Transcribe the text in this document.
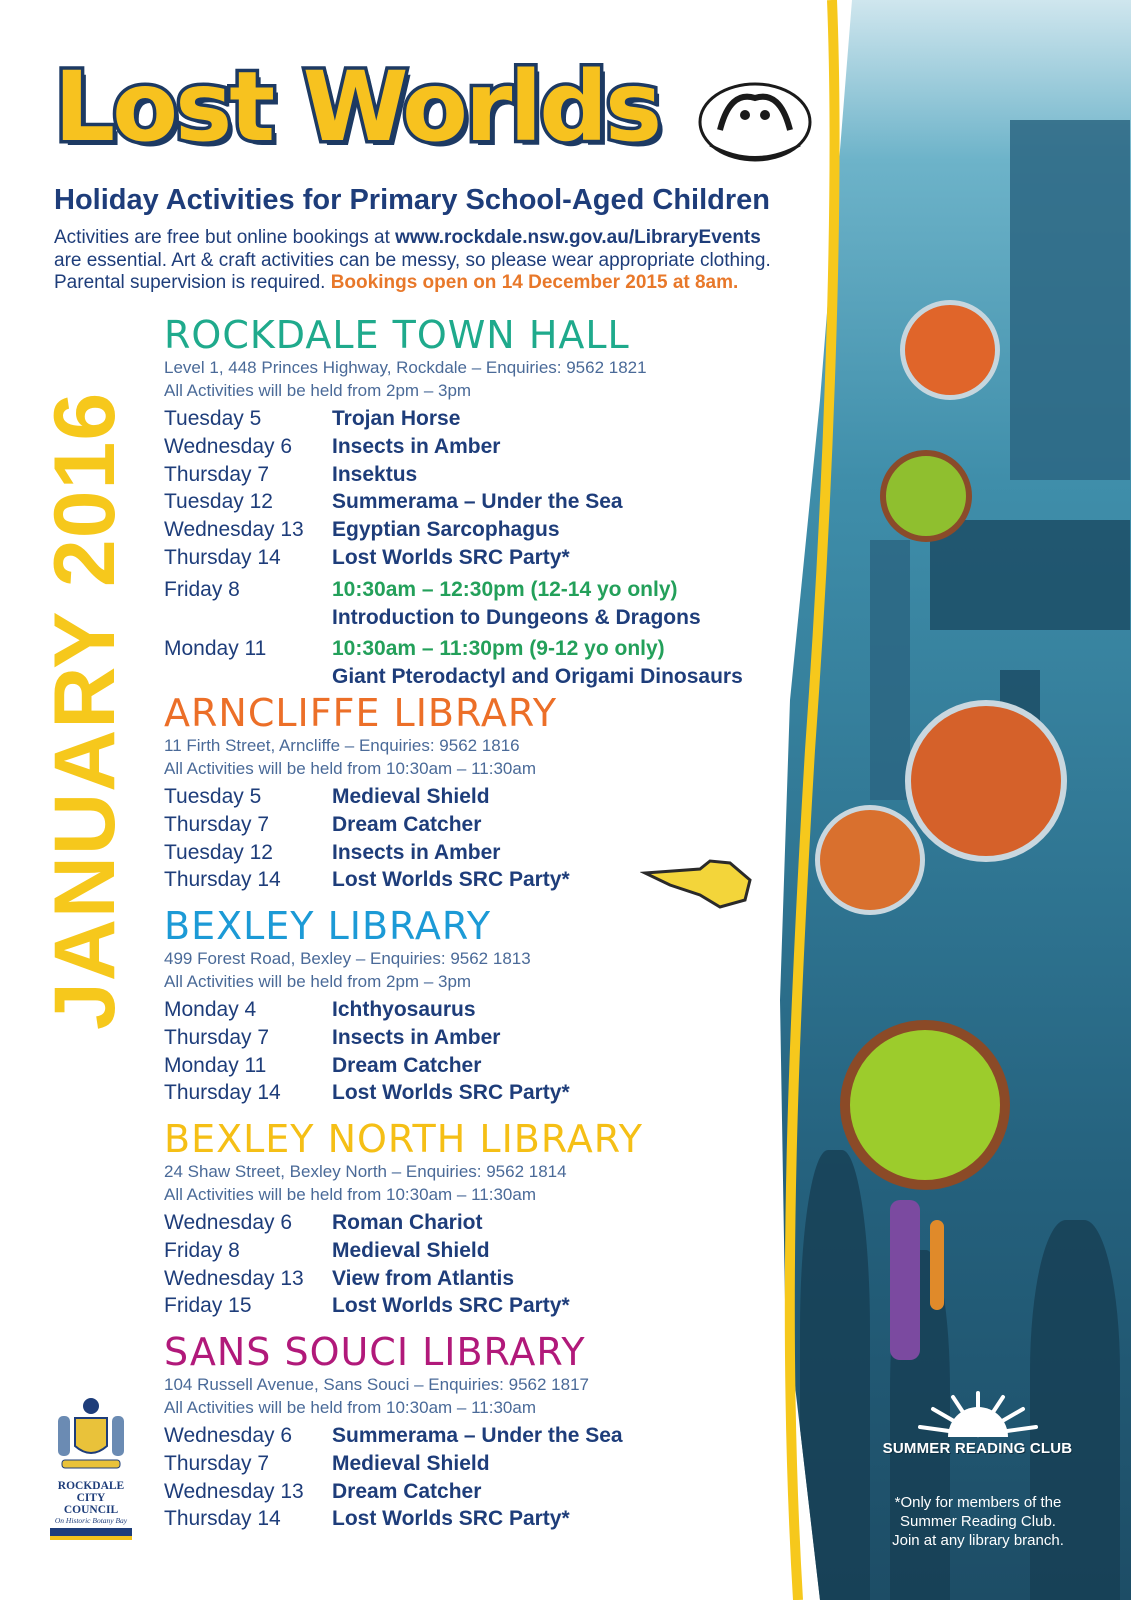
SUMMER READING CLUB
*Only for members of the
Summer Reading Club.
Join at any library branch.
Lost Worlds
Holiday Activities for Primary School-Aged Children
Activities are free but online bookings at www.rockdale.nsw.gov.au/LibraryEvents
are essential. Art & craft activities can be messy, so please wear appropriate clothing.
Parental supervision is required. Bookings open on 14 December 2015 at 8am.
JANUARY 2016
ROCKDALE TOWN HALL
Level 1, 448 Princes Highway, Rockdale – Enquiries: 9562 1821
All Activities will be held from 2pm – 3pm
Tuesday 5	Trojan Horse
Wednesday 6	Insects in Amber
Thursday 7	Insektus
Tuesday 12	Summerama – Under the Sea
Wednesday 13	Egyptian Sarcophagus
Thursday 14	Lost Worlds SRC Party*
Friday 8	10:30am – 12:30pm (12-14 yo only)
Introduction to Dungeons & Dragons
Monday 11	10:30am – 11:30pm (9-12 yo only)
Giant Pterodactyl and Origami Dinosaurs
ARNCLIFFE LIBRARY
11 Firth Street, Arncliffe – Enquiries: 9562 1816
All Activities will be held from 10:30am – 11:30am
Tuesday 5	Medieval Shield
Thursday 7	Dream Catcher
Tuesday 12	Insects in Amber
Thursday 14	Lost Worlds SRC Party*
BEXLEY LIBRARY
499 Forest Road, Bexley – Enquiries: 9562 1813
All Activities will be held from 2pm – 3pm
Monday 4	Ichthyosaurus
Thursday 7	Insects in Amber
Monday 11	Dream Catcher
Thursday 14	Lost Worlds SRC Party*
BEXLEY NORTH LIBRARY
24 Shaw Street, Bexley North – Enquiries: 9562 1814
All Activities will be held from 10:30am – 11:30am
Wednesday 6	Roman Chariot
Friday 8	Medieval Shield
Wednesday 13	View from Atlantis
Friday 15	Lost Worlds SRC Party*
SANS SOUCI LIBRARY
104 Russell Avenue, Sans Souci – Enquiries: 9562 1817
All Activities will be held from 10:30am – 11:30am
Wednesday 6	Summerama – Under the Sea
Thursday 7	Medieval Shield
Wednesday 13	Dream Catcher
Thursday 14	Lost Worlds SRC Party*
ROCKDALE
CITY COUNCIL
On Historic Botany Bay
